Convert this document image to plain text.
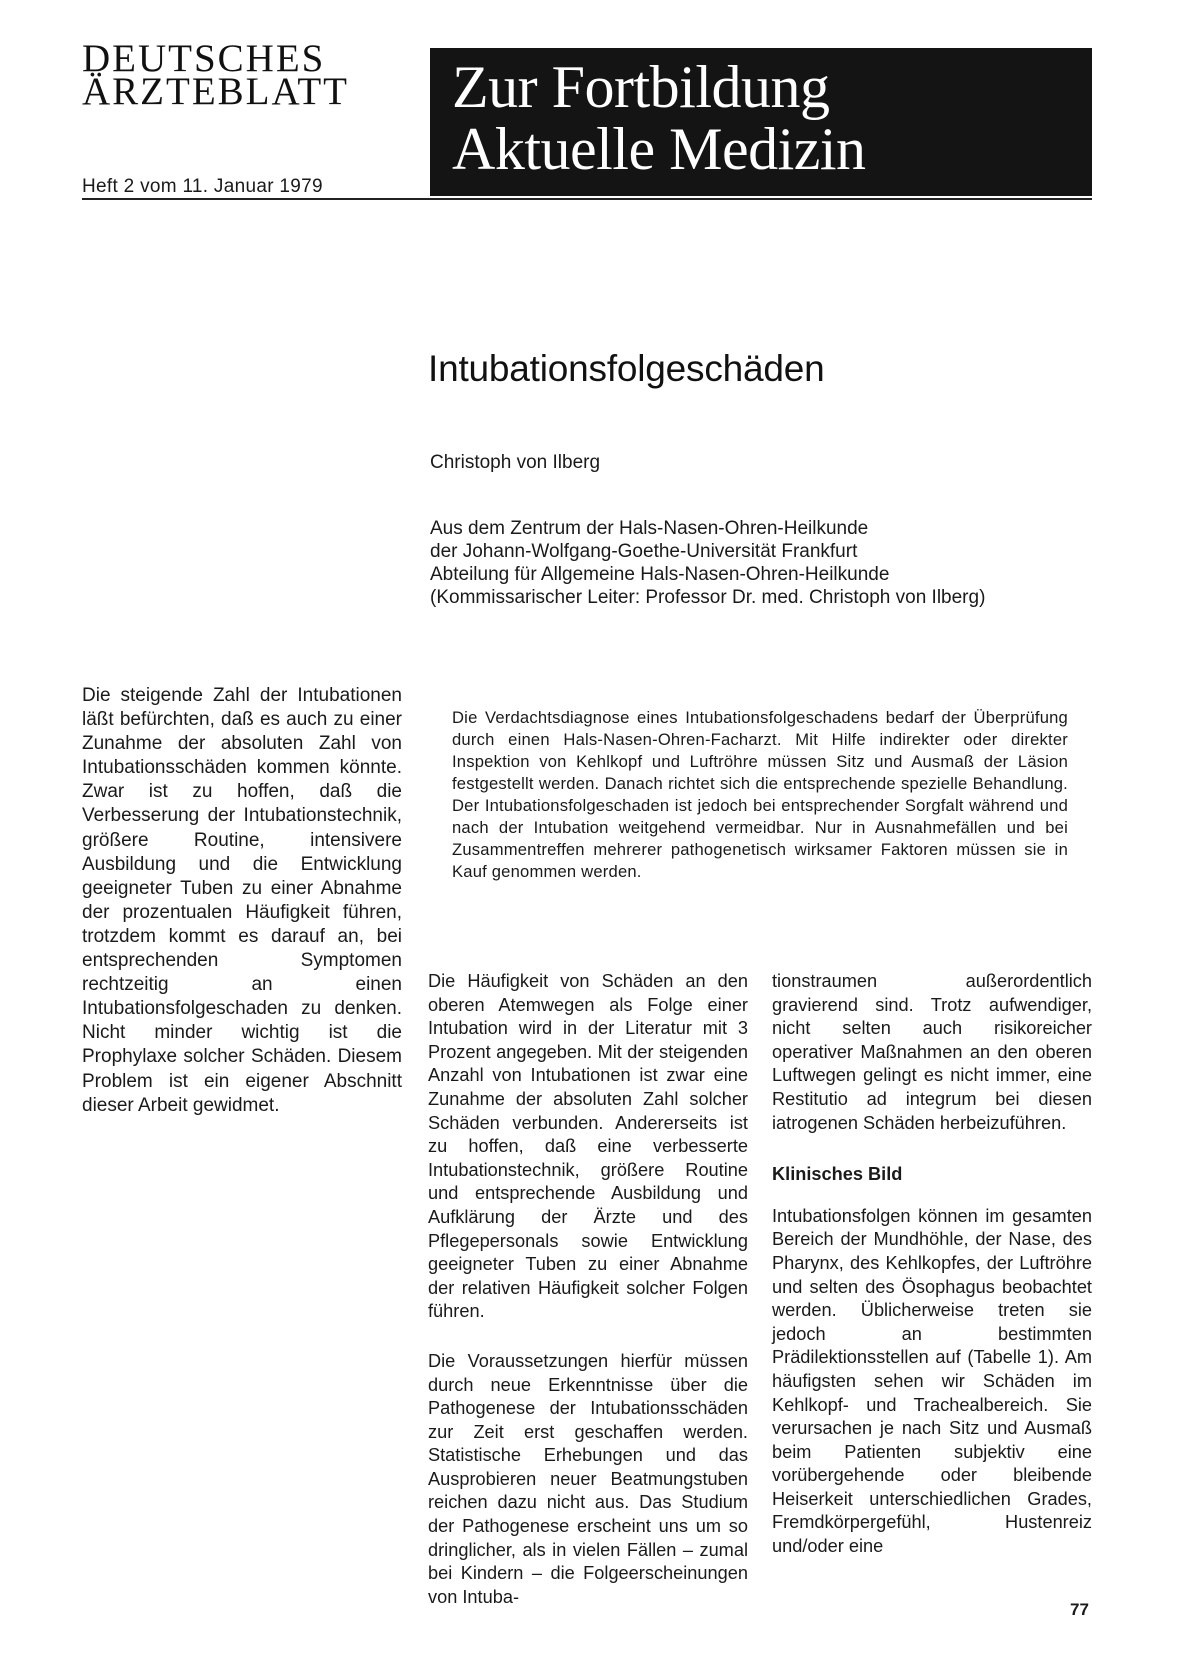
DEUTSCHES
ÄRZTEBLATT
Heft 2 vom 11. Januar 1979
Zur Fortbildung
Aktuelle Medizin
Intubationsfolgeschäden
Christoph von Ilberg
Aus dem Zentrum der Hals-Nasen-Ohren-Heilkunde
der Johann-Wolfgang-Goethe-Universität Frankfurt
Abteilung für Allgemeine Hals-Nasen-Ohren-Heilkunde
(Kommissarischer Leiter: Professor Dr. med. Christoph von Ilberg)

Die steigende Zahl der Intubationen läßt befürchten, daß es auch zu einer Zunahme der absoluten Zahl von Intubationsschäden kommen könnte. Zwar ist zu hoffen, daß die Verbesserung der Intubationstechnik, größere Routine, intensivere Ausbildung und die Entwicklung geeigneter Tuben zu einer Abnahme der prozentualen Häufigkeit führen, trotzdem kommt es darauf an, bei entsprechenden Symptomen rechtzeitig an einen Intubationsfolgeschaden zu denken. Nicht minder wichtig ist die Prophylaxe solcher Schäden. Diesem Problem ist ein eigener Abschnitt dieser Arbeit gewidmet.

Die Verdachtsdiagnose eines Intubationsfolgeschadens bedarf der Überprüfung durch einen Hals-Nasen-Ohren-Facharzt. Mit Hilfe indirekter oder direkter Inspektion von Kehlkopf und Luftröhre müssen Sitz und Ausmaß der Läsion festgestellt werden. Danach richtet sich die entsprechende spezielle Behandlung. Der Intubationsfolgeschaden ist jedoch bei entsprechender Sorgfalt während und nach der Intubation weitgehend vermeidbar. Nur in Ausnahmefällen und bei Zusammentreffen mehrerer pathogenetisch wirksamer Faktoren müssen sie in Kauf genommen werden.

Die Häufigkeit von Schäden an den oberen Atemwegen als Folge einer Intubation wird in der Literatur mit 3 Prozent angegeben. Mit der steigenden Anzahl von Intubationen ist zwar eine Zunahme der absoluten Zahl solcher Schäden verbunden. Andererseits ist zu hoffen, daß eine verbesserte Intubationstechnik, größere Routine und entsprechende Ausbildung und Aufklärung der Ärzte und des Pflegepersonals sowie Entwicklung geeigneter Tuben zu einer Abnahme der relativen Häufigkeit solcher Folgen führen.

Die Voraussetzungen hierfür müssen durch neue Erkenntnisse über die Pathogenese der Intubationsschäden zur Zeit erst geschaffen werden. Statistische Erhebungen und das Ausprobieren neuer Beatmungstuben reichen dazu nicht aus. Das Studium der Pathogenese erscheint uns um so dringlicher, als in vielen Fällen – zumal bei Kindern – die Folgeerscheinungen von Intuba-

tionstraumen außerordentlich gravierend sind. Trotz aufwendiger, nicht selten auch risikoreicher operativer Maßnahmen an den oberen Luftwegen gelingt es nicht immer, eine Restitutio ad integrum bei diesen iatrogenen Schäden herbeizuführen.

Klinisches Bild

Intubationsfolgen können im gesamten Bereich der Mundhöhle, der Nase, des Pharynx, des Kehlkopfes, der Luftröhre und selten des Ösophagus beobachtet werden. Üblicherweise treten sie jedoch an bestimmten Prädilektionsstellen auf (Tabelle 1). Am häufigsten sehen wir Schäden im Kehlkopf- und Trachealbereich. Sie verursachen je nach Sitz und Ausmaß beim Patienten subjektiv eine vorübergehende oder bleibende Heiserkeit unterschiedlichen Grades, Fremdkörpergefühl, Hustenreiz und/oder eine

77
